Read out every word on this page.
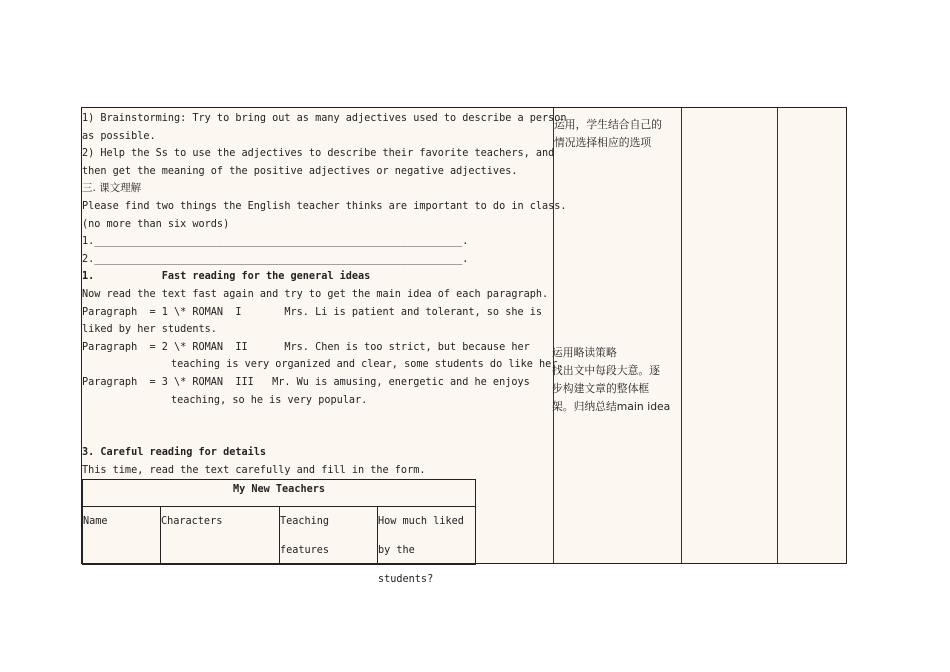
1) Brainstorming: Try to bring out as many adjectives used to describe a person
as possible.
2) Help the Ss to use the adjectives to describe their favorite teachers, and
then get the meaning of the positive adjectives or negative adjectives.
三. 课文理解
Please find two things the English teacher thinks are important to do in class.
(no more than six words)
1.____________________________________________________________.
2.____________________________________________________________.
1.           Fast reading for the general ideas
Now read the text fast again and try to get the main idea of each paragraph.
Paragraph  = 1 \* ROMAN  I       Mrs. Li is patient and tolerant, so she is
liked by her students.
Paragraph  = 2 \* ROMAN  II      Mrs. Chen is too strict, but because her
teaching is very organized and clear, some students do like her.
Paragraph  = 3 \* ROMAN  III   Mr. Wu is amusing, energetic and he enjoys
teaching, so he is very popular.
3. Careful reading for details
This time, read the text carefully and fill in the form.
My New Teachers
Name	Characters	Teaching
features
How much liked
by the students?
运用，学生结合自己的
情况选择相应的选项
运用略读策略
找出文中每段大意。逐
步构建文章的整体框
架。归纳总结main idea
